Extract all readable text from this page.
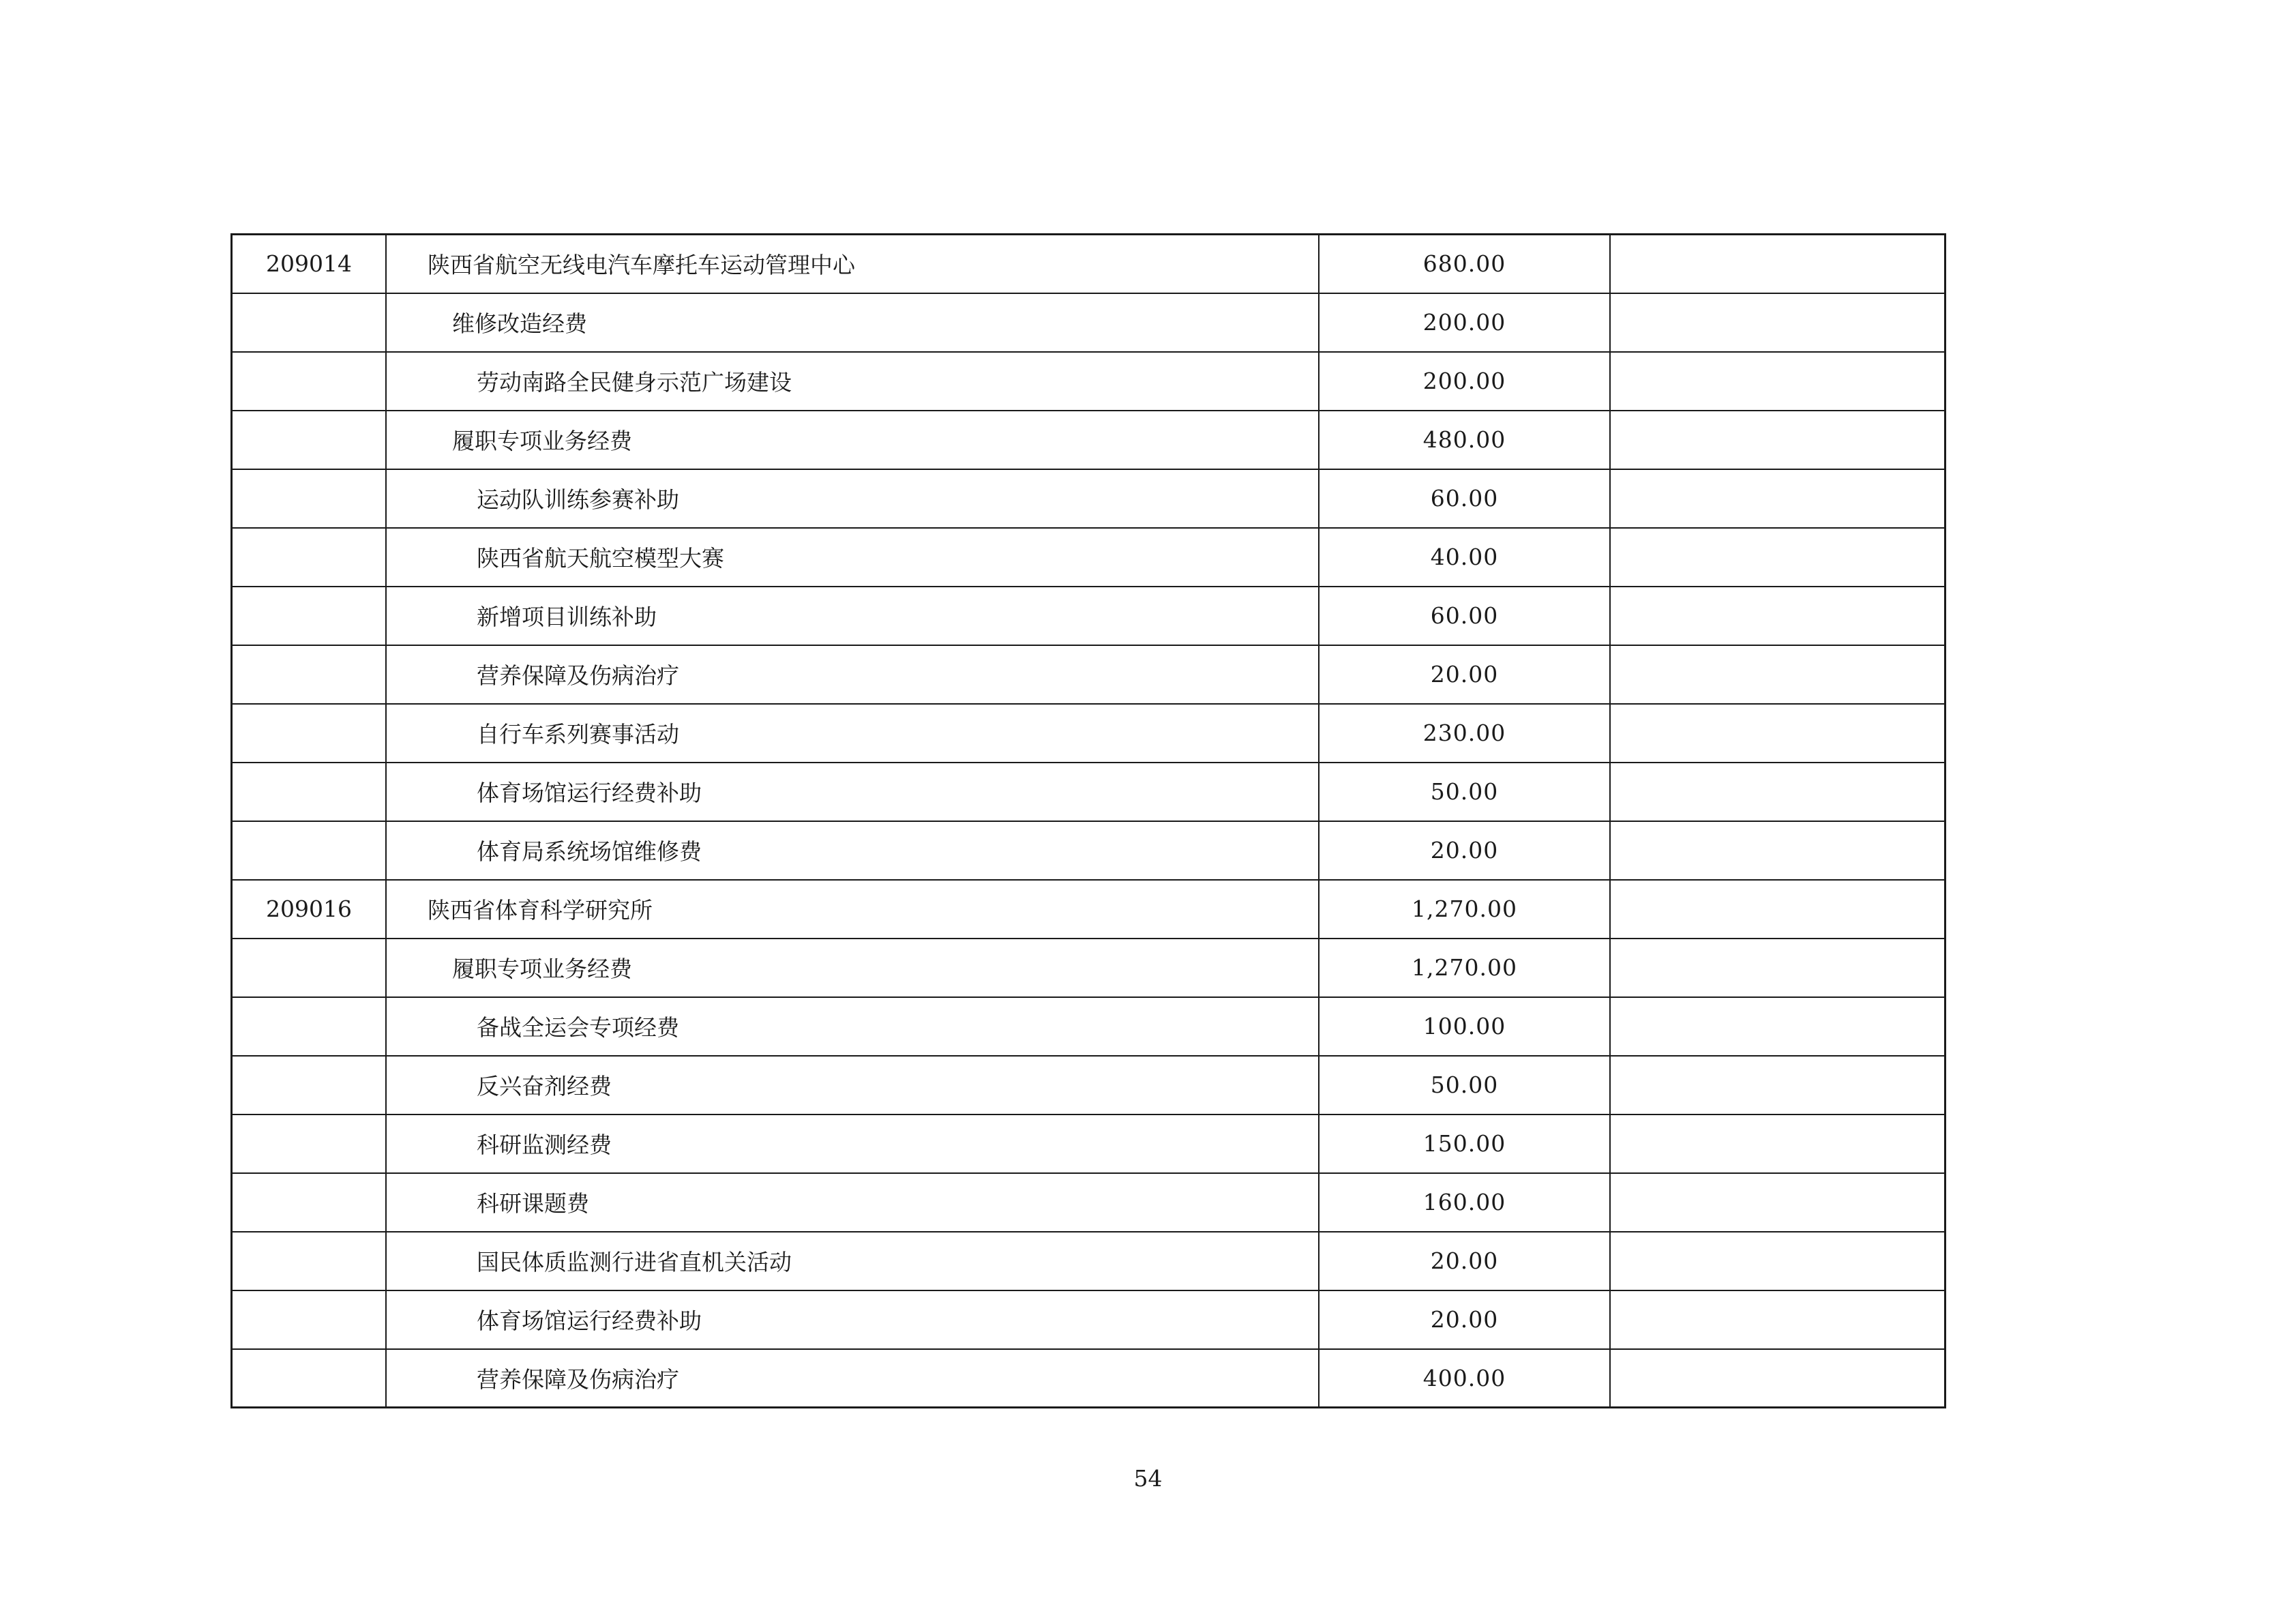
209014	陕西省航空无线电汽车摩托车运动管理中心	680.00	
	维修改造经费	200.00	
	劳动南路全民健身示范广场建设	200.00	
	履职专项业务经费	480.00	
	运动队训练参赛补助	60.00	
	陕西省航天航空模型大赛	40.00	
	新增项目训练补助	60.00	
	营养保障及伤病治疗	20.00	
	自行车系列赛事活动	230.00	
	体育场馆运行经费补助	50.00	
	体育局系统场馆维修费	20.00	
209016	陕西省体育科学研究所	1,270.00	
	履职专项业务经费	1,270.00	
	备战全运会专项经费	100.00	
	反兴奋剂经费	50.00	
	科研监测经费	150.00	
	科研课题费	160.00	
	国民体质监测行进省直机关活动	20.00	
	体育场馆运行经费补助	20.00	
	营养保障及伤病治疗	400.00	
54
